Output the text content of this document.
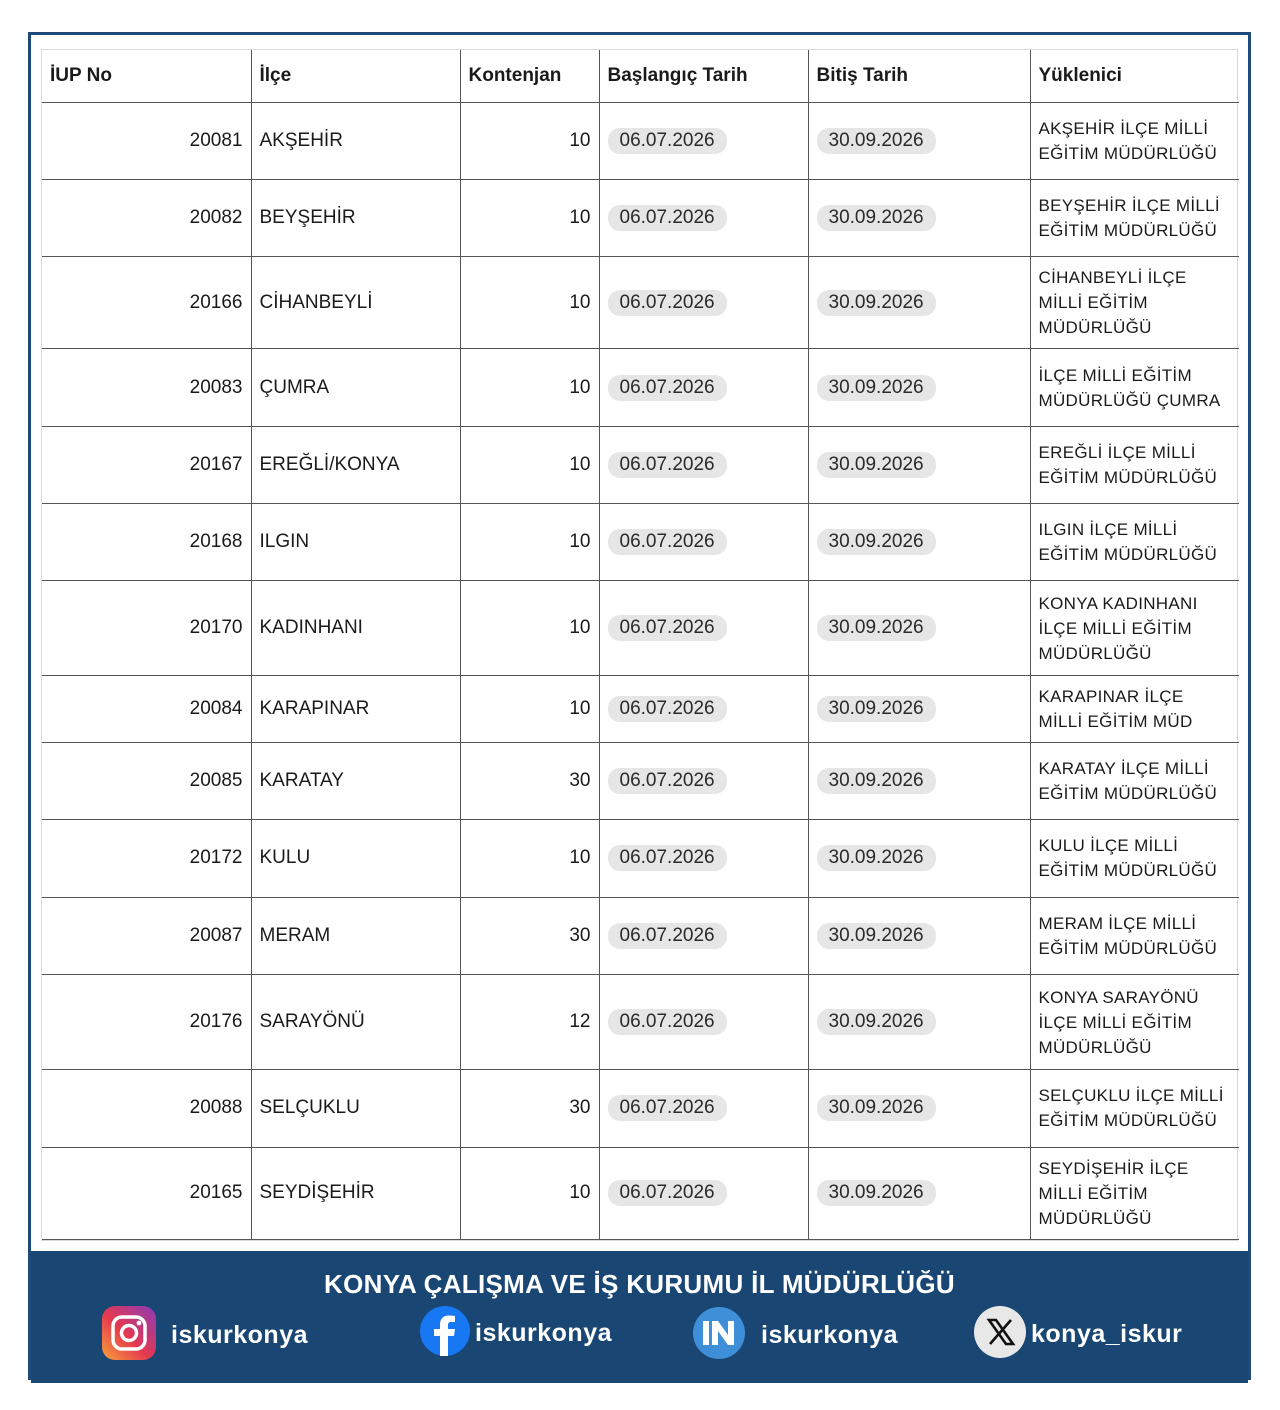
İUP No	İlçe	Kontenjan	Başlangıç Tarih	Bitiş Tarih	Yüklenici
20081	AKŞEHİR	10	06.07.2026	30.09.2026	AKŞEHİR İLÇE MİLLİ EĞİTİM MÜDÜRLÜĞÜ
20082	BEYŞEHİR	10	06.07.2026	30.09.2026	BEYŞEHİR İLÇE MİLLİ EĞİTİM MÜDÜRLÜĞÜ
20166	CİHANBEYLİ	10	06.07.2026	30.09.2026	CİHANBEYLİ İLÇE MİLLİ EĞİTİM MÜDÜRLÜĞÜ
20083	ÇUMRA	10	06.07.2026	30.09.2026	İLÇE MİLLİ EĞİTİM MÜDÜRLÜĞÜ ÇUMRA
20167	EREĞLİ/KONYA	10	06.07.2026	30.09.2026	EREĞLİ İLÇE MİLLİ EĞİTİM MÜDÜRLÜĞÜ
20168	ILGIN	10	06.07.2026	30.09.2026	ILGIN İLÇE MİLLİ EĞİTİM MÜDÜRLÜĞÜ
20170	KADINHANI	10	06.07.2026	30.09.2026	KONYA KADINHANI İLÇE MİLLİ EĞİTİM MÜDÜRLÜĞÜ
20084	KARAPINAR	10	06.07.2026	30.09.2026	KARAPINAR İLÇE MİLLİ EĞİTİM MÜD
20085	KARATAY	30	06.07.2026	30.09.2026	KARATAY İLÇE MİLLİ EĞİTİM MÜDÜRLÜĞÜ
20172	KULU	10	06.07.2026	30.09.2026	KULU İLÇE MİLLİ EĞİTİM MÜDÜRLÜĞÜ
20087	MERAM	30	06.07.2026	30.09.2026	MERAM İLÇE MİLLİ EĞİTİM MÜDÜRLÜĞÜ
20176	SARAYÖNÜ	12	06.07.2026	30.09.2026	KONYA SARAYÖNÜ İLÇE MİLLİ EĞİTİM MÜDÜRLÜĞÜ
20088	SELÇUKLU	30	06.07.2026	30.09.2026	SELÇUKLU İLÇE MİLLİ EĞİTİM MÜDÜRLÜĞÜ
20165	SEYDİŞEHİR	10	06.07.2026	30.09.2026	SEYDİŞEHİR İLÇE MİLLİ EĞİTİM MÜDÜRLÜĞÜ
KONYA ÇALIŞMA VE İŞ KURUMU İL MÜDÜRLÜĞÜ
iskurkonya	iskurkonya	iskurkonya	konya_iskur
